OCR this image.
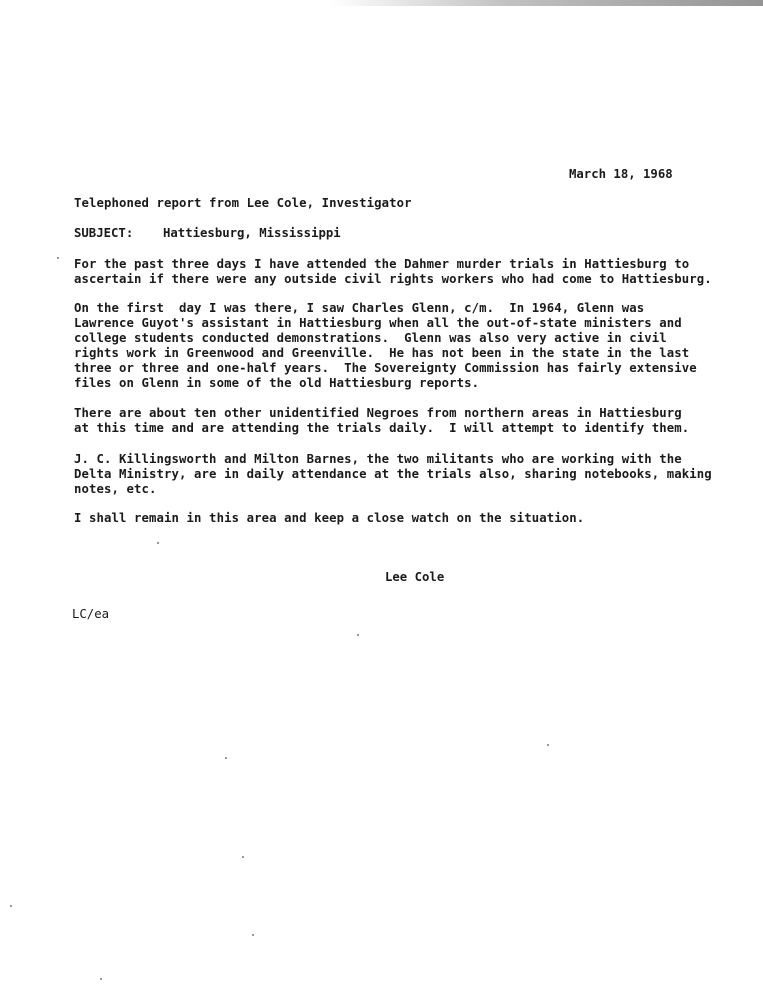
March 18, 1968
Telephoned report from Lee Cole, Investigator
SUBJECT: Hattiesburg, Mississippi
For the past three days I have attended the Dahmer murder trials in Hattiesburg to
ascertain if there were any outside civil rights workers who had come to Hattiesburg.
On the first  day I was there, I saw Charles Glenn, c/m.  In 1964, Glenn was
Lawrence Guyot's assistant in Hattiesburg when all the out-of-state ministers and
college students conducted demonstrations.  Glenn was also very active in civil
rights work in Greenwood and Greenville.  He has not been in the state in the last
three or three and one-half years.  The Sovereignty Commission has fairly extensive
files on Glenn in some of the old Hattiesburg reports.
There are about ten other unidentified Negroes from northern areas in Hattiesburg
at this time and are attending the trials daily.  I will attempt to identify them.
J. C. Killingsworth and Milton Barnes, the two militants who are working with the
Delta Ministry, are in daily attendance at the trials also, sharing notebooks, making
notes, etc.
I shall remain in this area and keep a close watch on the situation.
Lee Cole
LC/ea
